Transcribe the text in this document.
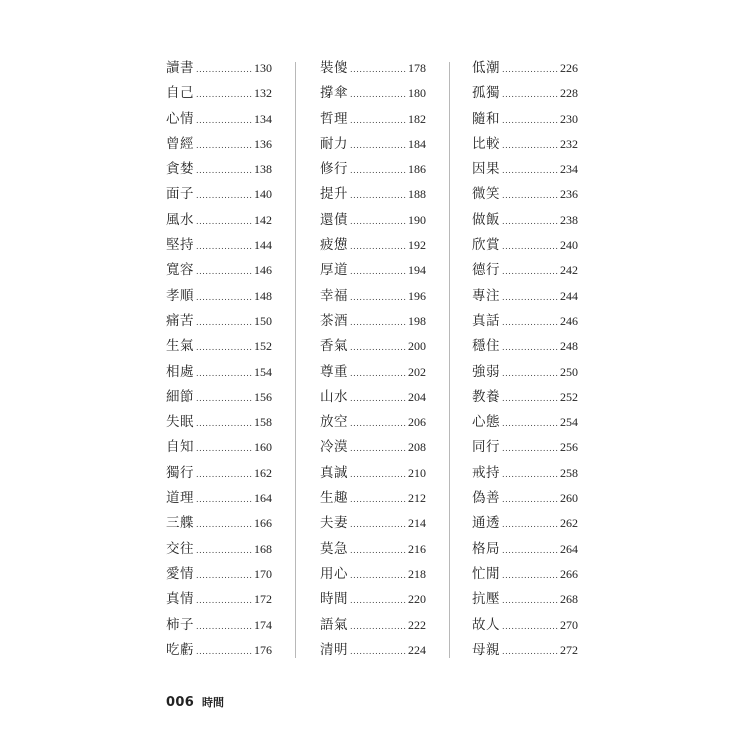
讀書 .....	130
自己 .....	132
心情 .....	134
曾經 .....	136
貪婪 .....	138
面子 .....	140
風水 .....	142
堅持 .....	144
寬容 .....	146
孝順 .....	148
痛苦 .....	150
生氣 .....	152
相處 .....	154
細節 .....	156
失眠 .....	158
自知 .....	160
獨行 .....	162
道理 .....	164
三艓 .....	166
交往 .....	168
愛情 .....	170
真情 .....	172
柿子 .....	174
吃虧 .....	176
裝傻 .....	178
撐傘 .....	180
哲理 .....	182
耐力 .....	184
修行 .....	186
提升 .....	188
還債 .....	190
疲憊 .....	192
厚道 .....	194
幸福 .....	196
茶酒 .....	198
香氣 .....	200
尊重 .....	202
山水 .....	204
放空 .....	206
冷漠 .....	208
真誠 .....	210
生趣 .....	212
夫妻 .....	214
莫急 .....	216
用心 .....	218
時間 .....	220
語氣 .....	222
清明 .....	224
低潮 .....	226
孤獨 .....	228
隨和 .....	230
比較 .....	232
因果 .....	234
微笑 .....	236
做飯 .....	238
欣賞 .....	240
德行 .....	242
專注 .....	244
真話 .....	246
穩住 .....	248
強弱 .....	250
教養 .....	252
心態 .....	254
同行 .....	256
戒持 .....	258
偽善 .....	260
通透 .....	262
格局 .....	264
忙閒 .....	266
抗壓 .....	268
故人 .....	270
母親 .....	272
006 時間
